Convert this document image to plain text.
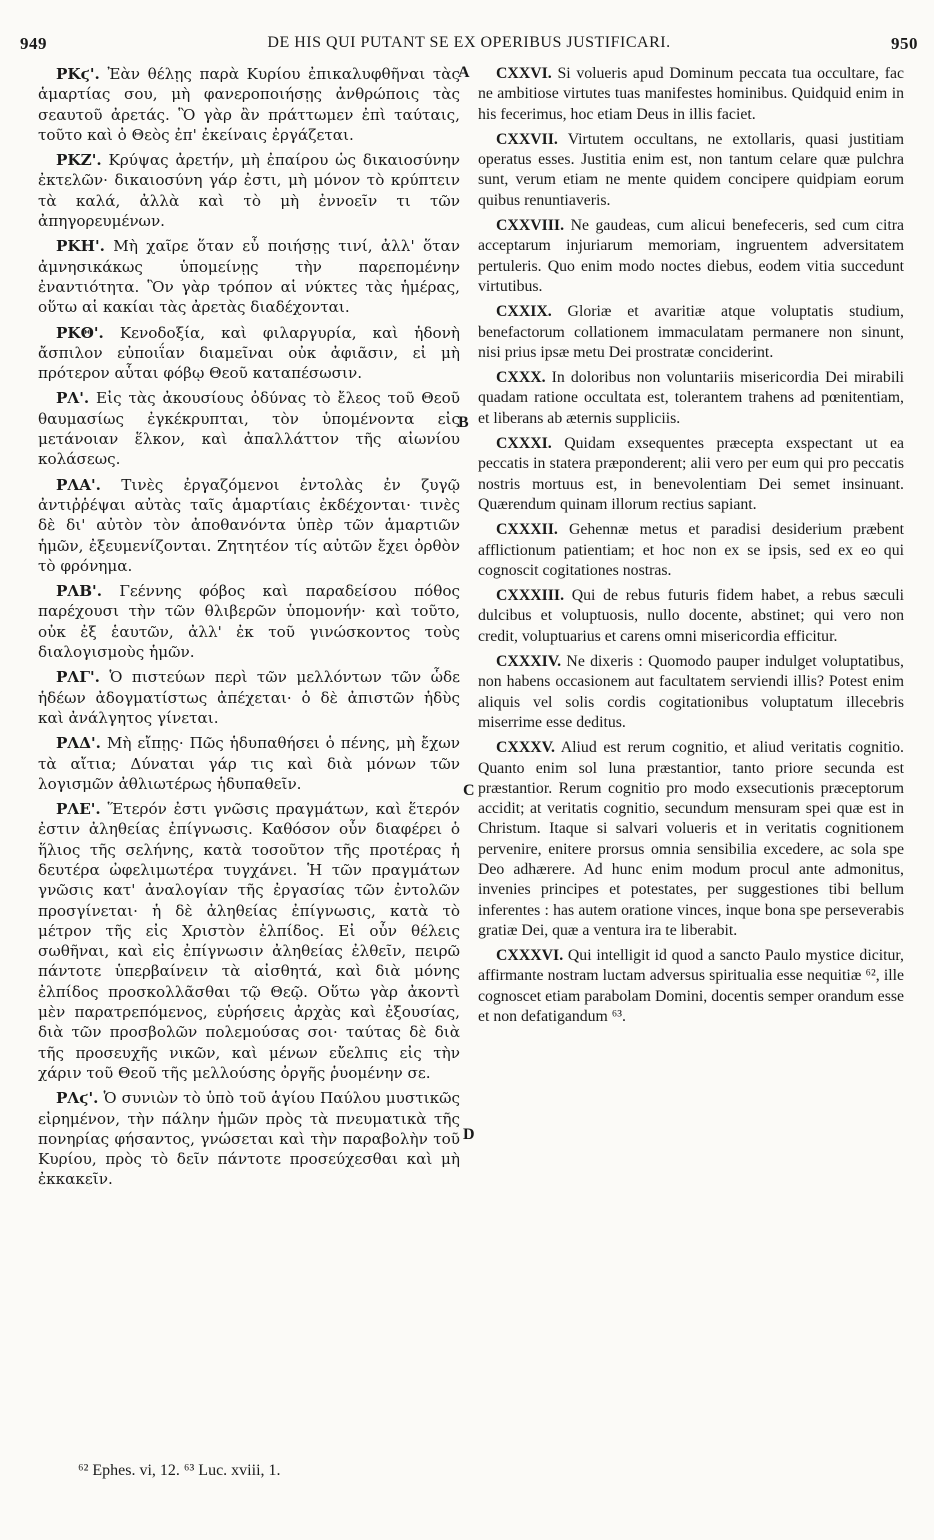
949	DE HIS QUI PUTANT SE EX OPERIBUS JUSTIFICARI.	950
A
B
C
D

ΡΚϛ'. Ἐὰν θέλῃς παρὰ Κυρίου ἐπικαλυφθῆναι τὰς ἁμαρτίας σου, μὴ φανεροποιήσῃς ἀνθρώποις τὰς σεαυτοῦ ἀρετάς. Ὃ γὰρ ἂν πράττωμεν ἐπὶ ταύταις, τοῦτο καὶ ὁ Θεὸς ἐπ' ἐκείναις ἐργάζεται.

ΡΚΖ'. Κρύψας ἀρετήν, μὴ ἐπαίρου ὡς δικαιοσύνην ἐκτελῶν· δικαιοσύνη γάρ ἐστι, μὴ μόνον τὸ κρύπτειν τὰ καλά, ἀλλὰ καὶ τὸ μὴ ἐννοεῖν τι τῶν ἀπηγορευμένων.

ΡΚΗ'. Μὴ χαῖρε ὅταν εὖ ποιήσῃς τινί, ἀλλ' ὅταν ἀμνησικάκως ὑπομείνῃς τὴν παρεπομένην ἐναντιότητα. Ὃν γὰρ τρόπον αἱ νύκτες τὰς ἡμέρας, οὕτω αἱ κακίαι τὰς ἀρετὰς διαδέχονται.

ΡΚΘ'. Κενοδοξία, καὶ φιλαργυρία, καὶ ἡδονὴ ἄσπιλον εὐποιΐαν διαμεῖναι οὐκ ἀφιᾶσιν, εἰ μὴ πρότερον αὗται φόβῳ Θεοῦ καταπέσωσιν.

ΡΛ'. Εἰς τὰς ἀκουσίους ὀδύνας τὸ ἔλεος τοῦ Θεοῦ θαυμασίως ἐγκέκρυπται, τὸν ὑπομένοντα εἰς μετάνοιαν ἕλκον, καὶ ἀπαλλάττον τῆς αἰωνίου κολάσεως.

ΡΛΑ'. Τινὲς ἐργαζόμενοι ἐντολὰς ἐν ζυγῷ ἀντιῤῥέψαι αὐτὰς ταῖς ἁμαρτίαις ἐκδέχονται· τινὲς δὲ δι' αὐτὸν τὸν ἀποθανόντα ὑπὲρ τῶν ἁμαρτιῶν ἡμῶν, ἐξευμενίζονται. Ζητητέον τίς αὐτῶν ἔχει ὀρθὸν τὸ φρόνημα.

ΡΛΒ'. Γεέννης φόβος καὶ παραδείσου πόθος παρέχουσι τὴν τῶν θλιβερῶν ὑπομονήν· καὶ τοῦτο, οὐκ ἐξ ἑαυτῶν, ἀλλ' ἐκ τοῦ γινώσκοντος τοὺς διαλογισμοὺς ἡμῶν.

ΡΛΓ'. Ὁ πιστεύων περὶ τῶν μελλόντων τῶν ὧδε ἡδέων ἀδογματίστως ἀπέχεται· ὁ δὲ ἀπιστῶν ἡδὺς καὶ ἀνάλγητος γίνεται.

ΡΛΔ'. Μὴ εἴπῃς· Πῶς ἡδυπαθήσει ὁ πένης, μὴ ἔχων τὰ αἴτια; Δύναται γάρ τις καὶ διὰ μόνων τῶν λογισμῶν ἀθλιωτέρως ἡδυπαθεῖν.

ΡΛΕ'. Ἕτερόν ἐστι γνῶσις πραγμάτων, καὶ ἕτερόν ἐστιν ἀληθείας ἐπίγνωσις. Καθόσον οὖν διαφέρει ὁ ἥλιος τῆς σελήνης, κατὰ τοσοῦτον τῆς προτέρας ἡ δευτέρα ὠφελιμωτέρα τυγχάνει. Ἡ τῶν πραγμάτων γνῶσις κατ' ἀναλογίαν τῆς ἐργασίας τῶν ἐντολῶν προσγίνεται· ἡ δὲ ἀληθείας ἐπίγνωσις, κατὰ τὸ μέτρον τῆς εἰς Χριστὸν ἐλπίδος. Εἰ οὖν θέλεις σωθῆναι, καὶ εἰς ἐπίγνωσιν ἀληθείας ἐλθεῖν, πειρῶ πάντοτε ὑπερβαίνειν τὰ αἰσθητά, καὶ διὰ μόνης ἐλπίδος προσκολλᾶσθαι τῷ Θεῷ. Οὕτω γὰρ ἀκοντὶ μὲν παρατρεπόμενος, εὑρήσεις ἀρχὰς καὶ ἐξουσίας, διὰ τῶν προσβολῶν πολεμούσας σοι· ταύτας δὲ διὰ τῆς προσευχῆς νικῶν, καὶ μένων εὔελπις εἰς τὴν χάριν τοῦ Θεοῦ τῆς μελλούσης ὀργῆς ῥυομένην σε.

ΡΛϛ'. Ὁ συνιὼν τὸ ὑπὸ τοῦ ἁγίου Παύλου μυστικῶς εἰρημένον, τὴν πάλην ἡμῶν πρὸς τὰ πνευματικὰ τῆς πονηρίας φήσαντος, γνώσεται καὶ τὴν παραβολὴν τοῦ Κυρίου, πρὸς τὸ δεῖν πάντοτε προσεύχεσθαι καὶ μὴ ἐκκακεῖν.

CXXVI. Si volueris apud Dominum peccata tua occultare, fac ne ambitiose virtutes tuas manifestes hominibus. Quidquid enim in his fecerimus, hoc etiam Deus in illis faciet.

CXXVII. Virtutem occultans, ne extollaris, quasi justitiam operatus esses. Justitia enim est, non tantum celare quæ pulchra sunt, verum etiam ne mente quidem concipere quidpiam eorum quibus renuntiaveris.

CXXVIII. Ne gaudeas, cum alicui benefeceris, sed cum citra acceptarum injuriarum memoriam, ingruentem adversitatem pertuleris. Quo enim modo noctes diebus, eodem vitia succedunt virtutibus.

CXXIX. Gloriæ et avaritiæ atque voluptatis studium, benefactorum collationem immaculatam permanere non sinunt, nisi prius ipsæ metu Dei prostratæ conciderint.

CXXX. In doloribus non voluntariis misericordia Dei mirabili quadam ratione occultata est, tolerantem trahens ad pœnitentiam, et liberans ab æternis suppliciis.

CXXXI. Quidam exsequentes præcepta exspectant ut ea peccatis in statera præponderent; alii vero per eum qui pro peccatis nostris mortuus est, in benevolentiam Dei semet insinuant. Quærendum quinam illorum rectius sapiant.

CXXXII. Gehennæ metus et paradisi desiderium præbent afflictionum patientiam; et hoc non ex se ipsis, sed ex eo qui cognoscit cogitationes nostras.

CXXXIII. Qui de rebus futuris fidem habet, a rebus sæculi dulcibus et voluptuosis, nullo docente, abstinet; qui vero non credit, voluptuarius et carens omni misericordia efficitur.

CXXXIV. Ne dixeris : Quomodo pauper indulget voluptatibus, non habens occasionem aut facultatem serviendi illis? Potest enim aliquis vel solis cordis cogitationibus voluptatum illecebris miserrime esse deditus.

CXXXV. Aliud est rerum cognitio, et aliud veritatis cognitio. Quanto enim sol luna præstantior, tanto priore secunda est præstantior. Rerum cognitio pro modo exsecutionis præceptorum accidit; at veritatis cognitio, secundum mensuram spei quæ est in Christum. Itaque si salvari volueris et in veritatis cognitionem pervenire, enitere prorsus omnia sensibilia excedere, ac sola spe Deo adhærere. Ad hunc enim modum procul ante admonitus, invenies principes et potestates, per suggestiones tibi bellum inferentes : has autem oratione vinces, inque bona spe perseverabis gratiæ Dei, quæ a ventura ira te liberabit.

CXXXVI. Qui intelligit id quod a sancto Paulo mystice dicitur, affirmante nostram luctam adversus spiritualia esse nequitiæ ⁶², ille cognoscet etiam parabolam Domini, docentis semper orandum esse et non defatigandum ⁶³.

⁶² Ephes. vi, 12. ⁶³ Luc. xviii, 1.
